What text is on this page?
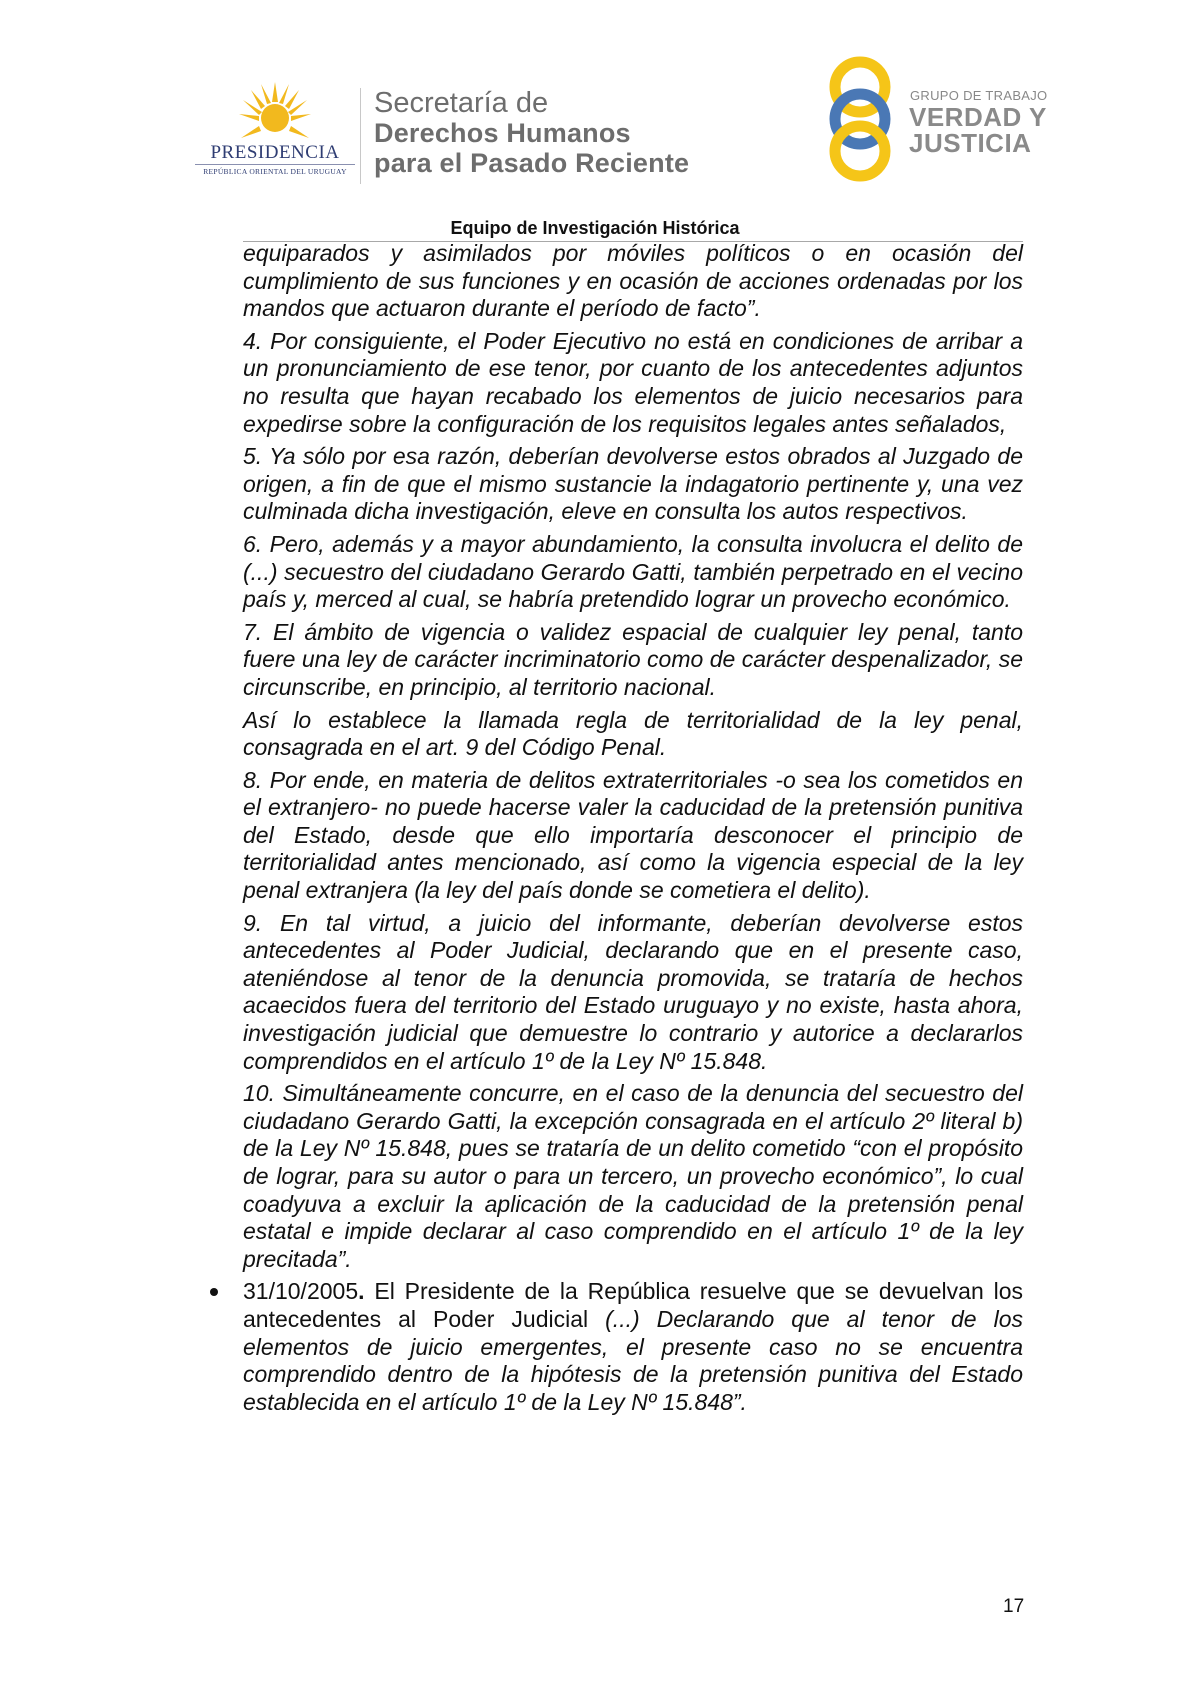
PRESIDENCIA
REPÚBLICA ORIENTAL DEL URUGUAY
Secretaría de
Derechos Humanos
para el Pasado Reciente
GRUPO DE TRABAJO
VERDAD Y
JUSTICIA
Equipo de Investigación Histórica

equiparados y asimilados por móviles políticos o en ocasión del cumplimiento de sus funciones y en ocasión de acciones ordenadas por los mandos que actuaron durante el período de facto”.

4. Por consiguiente, el Poder Ejecutivo no está en condiciones de arribar a un pronunciamiento de ese tenor, por cuanto de los antecedentes adjuntos no resulta que hayan recabado los elementos de juicio necesarios para expedirse sobre la configuración de los requisitos legales antes señalados,

5. Ya sólo por esa razón, deberían devolverse estos obrados al Juzgado de origen, a fin de que el mismo sustancie la indagatorio pertinente y, una vez culminada dicha investigación, eleve en consulta los autos respectivos.

6. Pero, además y a mayor abundamiento, la consulta involucra el delito de (...) secuestro del ciudadano Gerardo Gatti, también perpetrado en el vecino país y, merced al cual, se habría pretendido lograr un provecho económico.

7. El ámbito de vigencia o validez espacial de cualquier ley penal, tanto fuere una ley de carácter incriminatorio como de carácter despenalizador, se circunscribe, en principio, al territorio nacional.

Así lo establece la llamada regla de territorialidad de la ley penal, consagrada en el art. 9 del Código Penal.

8. Por ende, en materia de delitos extraterritoriales -o sea los cometidos en el extranjero- no puede hacerse valer la caducidad de la pretensión punitiva del Estado, desde que ello importaría desconocer el principio de territorialidad antes mencionado, así como la vigencia especial de la ley penal extranjera (la ley del país donde se cometiera el delito).

9. En tal virtud, a juicio del informante, deberían devolverse estos antecedentes al Poder Judicial, declarando que en el presente caso, ateniéndose al tenor de la denuncia promovida, se trataría de hechos acaecidos fuera del territorio del Estado uruguayo y no existe, hasta ahora, investigación judicial que demuestre lo contrario y autorice a declararlos comprendidos en el artículo 1º de la Ley Nº 15.848.

10. Simultáneamente concurre, en el caso de la denuncia del secuestro del ciudadano Gerardo Gatti, la excepción consagrada en el artículo 2º literal b) de la Ley Nº 15.848, pues se trataría de un delito cometido “con el propósito de lograr, para su autor o para un tercero, un provecho económico”, lo cual coadyuva a excluir la aplicación de la caducidad de la pretensión penal estatal e impide declarar al caso comprendido en el artículo 1º de la ley precitada”.

31/10/2005. El Presidente de la República resuelve que se devuelvan los antecedentes al Poder Judicial (...) Declarando que al tenor de los elementos de juicio emergentes, el presente caso no se encuentra comprendido dentro de la hipótesis de la pretensión punitiva del Estado establecida en el artículo 1º de la Ley Nº 15.848”.

17
